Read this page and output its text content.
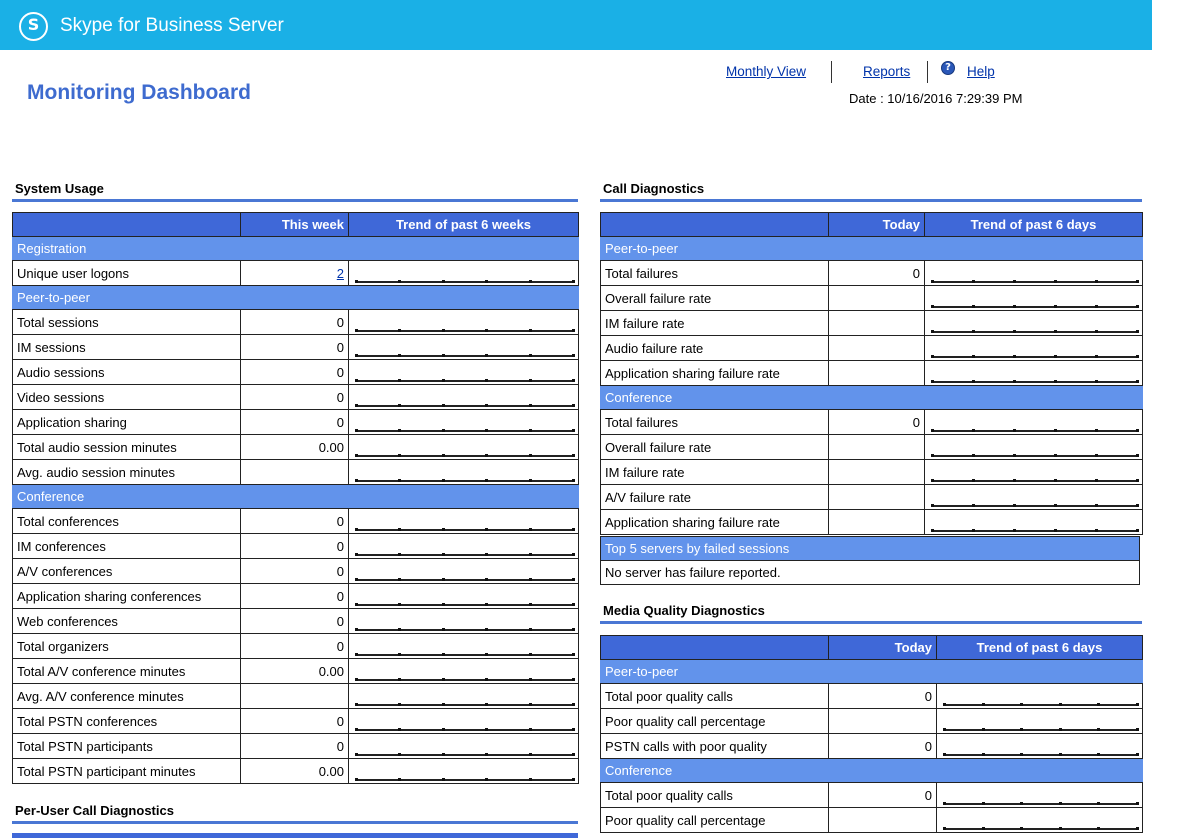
S	Skype for Business Server
Monitoring Dashboard
Monthly View	Reports	?	Help
Date : 10/16/2016 7:29:39 PM
System Usage
	This week	Trend of past 6 weeks
Registration		
Unique user logons	2	

Peer-to-peer		
Total sessions	0	

IM sessions	0	

Audio sessions	0	

Video sessions	0	

Application sharing	0	

Total audio session minutes	0.00	

Avg. audio session minutes		

Conference		
Total conferences	0	

IM conferences	0	

A/V conferences	0	

Application sharing conferences	0	

Web conferences	0	

Total organizers	0	

Total A/V conference minutes	0.00	

Avg. A/V conference minutes		

Total PSTN conferences	0	

Total PSTN participants	0	

Total PSTN participant minutes	0.00	
Per-User Call Diagnostics
Call Diagnostics
	Today	Trend of past 6 days
Peer-to-peer		
Total failures	0	

Overall failure rate		

IM failure rate		

Audio failure rate		

Application sharing failure rate		

Conference		
Total failures	0	

Overall failure rate		

IM failure rate		

A/V failure rate		

Application sharing failure rate		
Top 5 servers by failed sessions
No server has failure reported.
Media Quality Diagnostics
	Today	Trend of past 6 days
Peer-to-peer		
Total poor quality calls	0	

Poor quality call percentage		

PSTN calls with poor quality	0	

Conference		
Total poor quality calls	0	

Poor quality call percentage		
